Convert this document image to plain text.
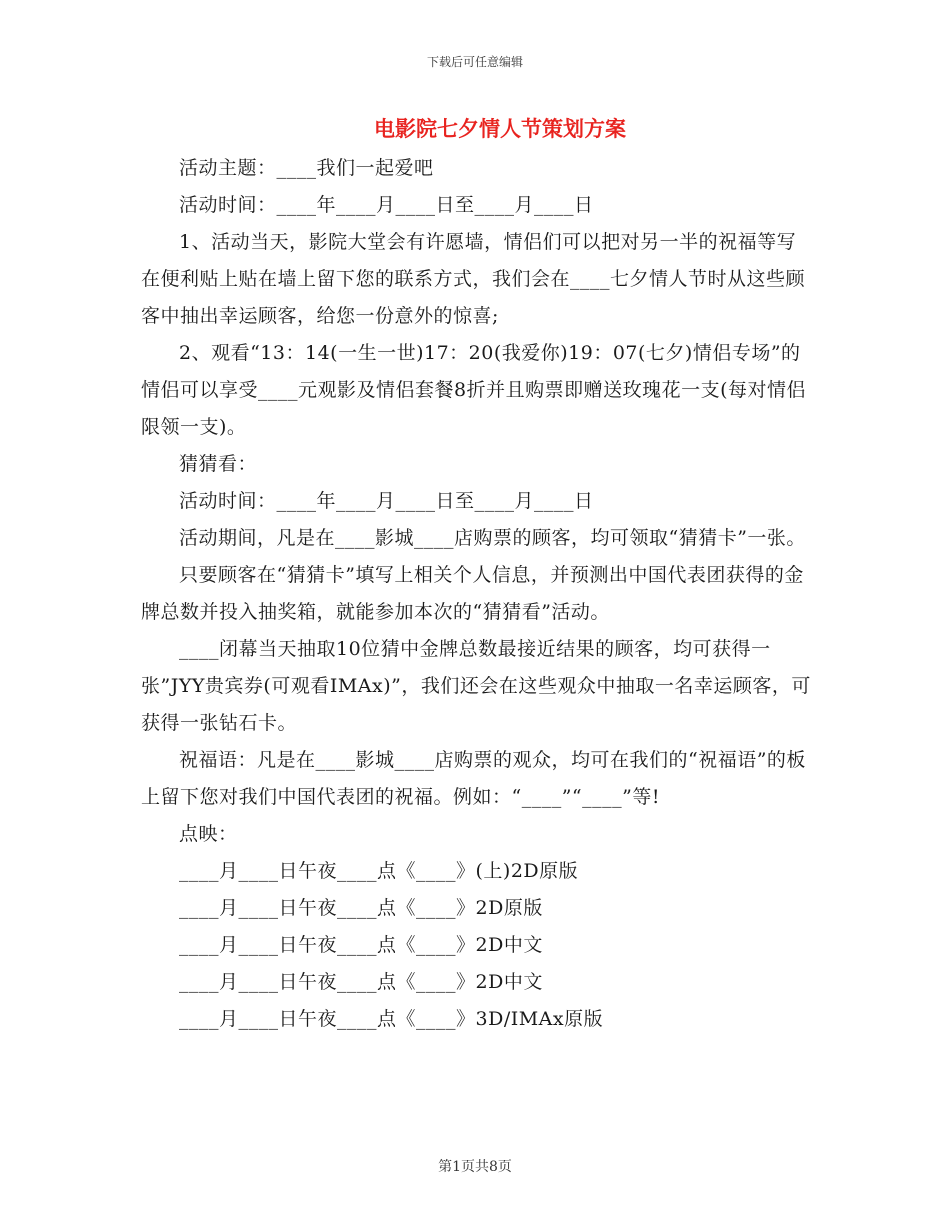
下载后可任意编辑
电影院七夕情人节策划方案

活动主题：____我们一起爱吧

活动时间：____年____月____日至____月____日

1、活动当天，影院大堂会有许愿墙，情侣们可以把对另一半的祝福等写在便利贴上贴在墙上留下您的联系方式，我们会在____七夕情人节时从这些顾客中抽出幸运顾客，给您一份意外的惊喜;

2、观看“13：14(一生一世)17：20(我爱你)19：07(七夕)情侣专场”的情侣可以享受____元观影及情侣套餐8折并且购票即赠送玫瑰花一支(每对情侣限领一支)。

猜猜看：

活动时间：____年____月____日至____月____日

活动期间，凡是在____影城____店购票的顾客，均可领取“猜猜卡”一张。

只要顾客在“猜猜卡”填写上相关个人信息，并预测出中国代表团获得的金牌总数并投入抽奖箱，就能参加本次的“猜猜看”活动。

____闭幕当天抽取10位猜中金牌总数最接近结果的顾客，均可获得一张”JYY贵宾券(可观看IMAx)”，我们还会在这些观众中抽取一名幸运顾客，可获得一张钻石卡。

祝福语：凡是在____影城____店购票的观众，均可在我们的“祝福语”的板上留下您对我们中国代表团的祝福。例如：“____”“____”等!

点映：

____月____日午夜____点《____》(上)2D原版

____月____日午夜____点《____》2D原版

____月____日午夜____点《____》2D中文

____月____日午夜____点《____》2D中文

____月____日午夜____点《____》3D/IMAx原版

第1页共8页
